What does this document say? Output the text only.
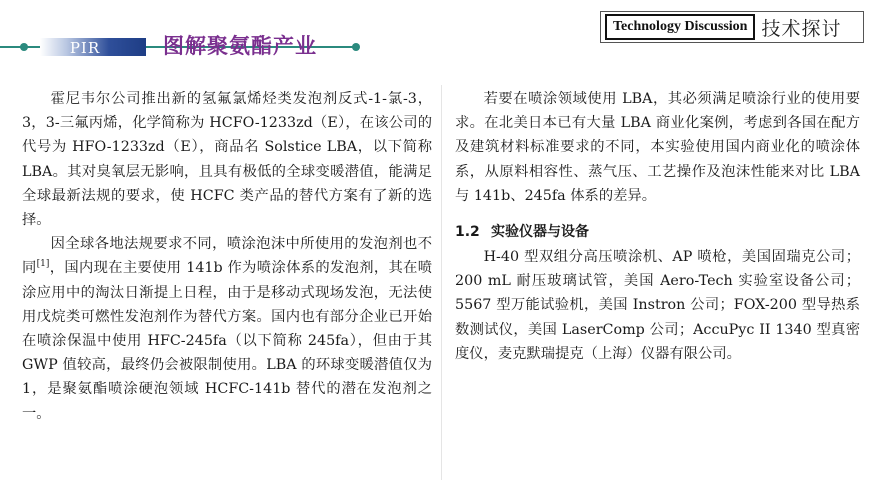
PIR	图解聚氨酯产业
Technology Discussion 技术探讨

霍尼韦尔公司推出新的氢氟氯烯烃类发泡剂反式-1-氯-3，3，3-三氟丙烯，化学简称为 HCFO-1233zd（E），在该公司的代号为 HFO-1233zd（E），商品名 Solstice LBA，以下简称 LBA。其对臭氧层无影响，且具有极低的全球变暖潜值，能满足全球最新法规的要求，使 HCFC 类产品的替代方案有了新的选择。

因全球各地法规要求不同，喷涂泡沫中所使用的发泡剂也不同[1]，国内现在主要使用 141b 作为喷涂体系的发泡剂，其在喷涂应用中的淘汰日渐提上日程，由于是移动式现场发泡，无法使用戊烷类可燃性发泡剂作为替代方案。国内也有部分企业已开始在喷涂保温中使用 HFC-245fa（以下简称 245fa），但由于其 GWP 值较高，最终仍会被限制使用。LBA 的环球变暖潜值仅为 1，是聚氨酯喷涂硬泡领域 HCFC-141b 替代的潜在发泡剂之一。

若要在喷涂领域使用 LBA，其必须满足喷涂行业的使用要求。在北美日本已有大量 LBA 商业化案例，考虑到各国在配方及建筑材料标准要求的不同，本实验使用国内商业化的喷涂体系，从原料相容性、蒸气压、工艺操作及泡沫性能来对比 LBA 与 141b、245fa 体系的差异。

1.2 实验仪器与设备

H-40 型双组分高压喷涂机、AP 喷枪，美国固瑞克公司；200 mL 耐压玻璃试管，美国 Aero-Tech 实验室设备公司；5567 型万能试验机，美国 Instron 公司；FOX-200 型导热系数测试仪，美国 LaserComp 公司；AccuPyc II 1340 型真密度仪，麦克默瑞提克（上海）仪器有限公司。
